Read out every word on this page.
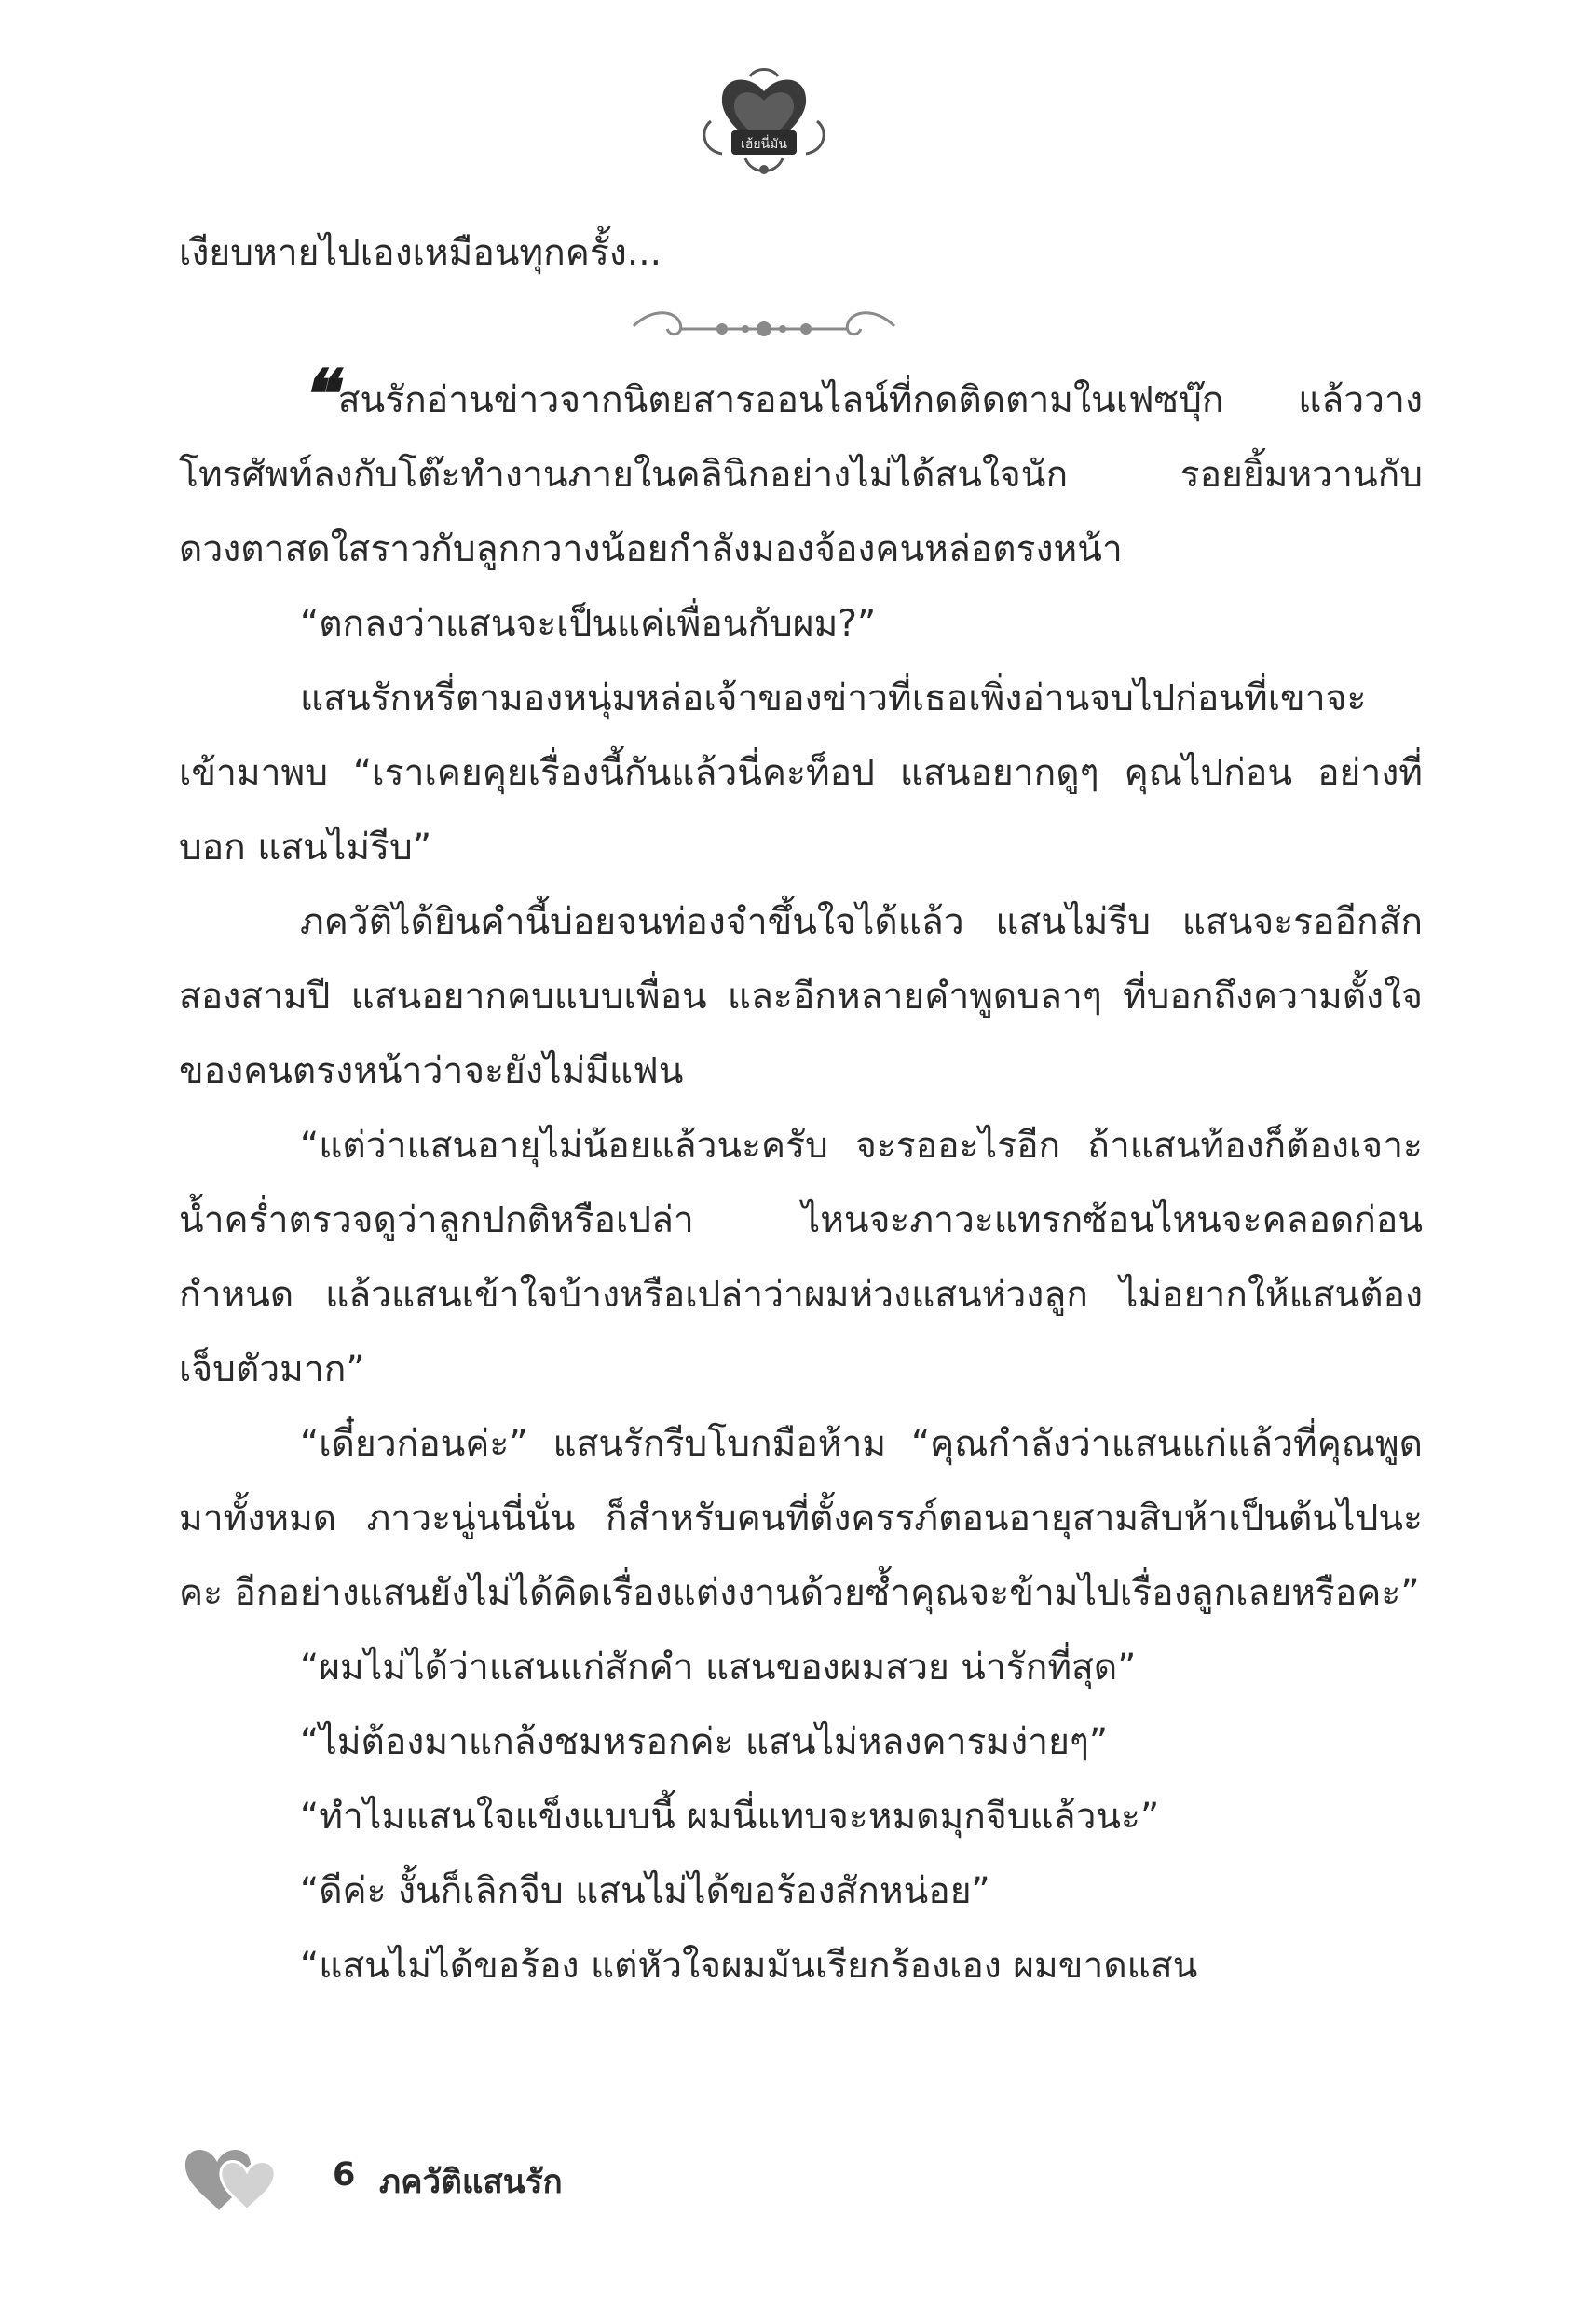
เฮ้ยนี่มัน

เงียบหายไปเองเหมือนทุกครั้ง...

❝สนรักอ่านข่าวจากนิตยสารออนไลน์ที่กดติดตามในเฟซบุ๊ก แล้ววางโทรศัพท์ลงกับโต๊ะทำงานภายในคลินิกอย่างไม่ได้สนใจนัก รอยยิ้มหวานกับดวงตาสดใสราวกับลูกกวางน้อยกำลังมองจ้องคนหล่อตรงหน้า

“ตกลงว่าแสนจะเป็นแค่เพื่อนกับผม?”

แสนรักหรี่ตามองหนุ่มหล่อเจ้าของข่าวที่เธอเพิ่งอ่านจบไปก่อนที่เขาจะเข้ามาพบ “เราเคยคุยเรื่องนี้กันแล้วนี่คะท็อป แสนอยากดูๆ คุณไปก่อน อย่างที่บอก แสนไม่รีบ”

ภควัติได้ยินคำนี้บ่อยจนท่องจำขึ้นใจได้แล้ว แสนไม่รีบ แสนจะรออีกสักสองสามปี แสนอยากคบแบบเพื่อน และอีกหลายคำพูดบลาๆ ที่บอกถึงความตั้งใจของคนตรงหน้าว่าจะยังไม่มีแฟน

“แต่ว่าแสนอายุไม่น้อยแล้วนะครับ จะรออะไรอีก ถ้าแสนท้องก็ต้องเจาะน้ำคร่ำตรวจดูว่าลูกปกติหรือเปล่า ไหนจะภาวะแทรกซ้อนไหนจะคลอดก่อนกำหนด แล้วแสนเข้าใจบ้างหรือเปล่าว่าผมห่วงแสนห่วงลูก ไม่อยากให้แสนต้องเจ็บตัวมาก”

“เดี๋ยวก่อนค่ะ” แสนรักรีบโบกมือห้าม “คุณกำลังว่าแสนแก่แล้วที่คุณพูดมาทั้งหมด ภาวะนู่นนี่นั่น ก็สำหรับคนที่ตั้งครรภ์ตอนอายุสามสิบห้าเป็นต้นไปนะคะ อีกอย่างแสนยังไม่ได้คิดเรื่องแต่งงานด้วยซ้ำคุณจะข้ามไปเรื่องลูกเลยหรือคะ”

“ผมไม่ได้ว่าแสนแก่สักคำ แสนของผมสวย น่ารักที่สุด”

“ไม่ต้องมาแกล้งชมหรอกค่ะ แสนไม่หลงคารมง่ายๆ”

“ทำไมแสนใจแข็งแบบนี้ ผมนี่แทบจะหมดมุกจีบแล้วนะ”

“ดีค่ะ งั้นก็เลิกจีบ แสนไม่ได้ขอร้องสักหน่อย”

“แสนไม่ได้ขอร้อง แต่หัวใจผมมันเรียกร้องเอง ผมขาดแสน

6 ภควัติแสนรัก
